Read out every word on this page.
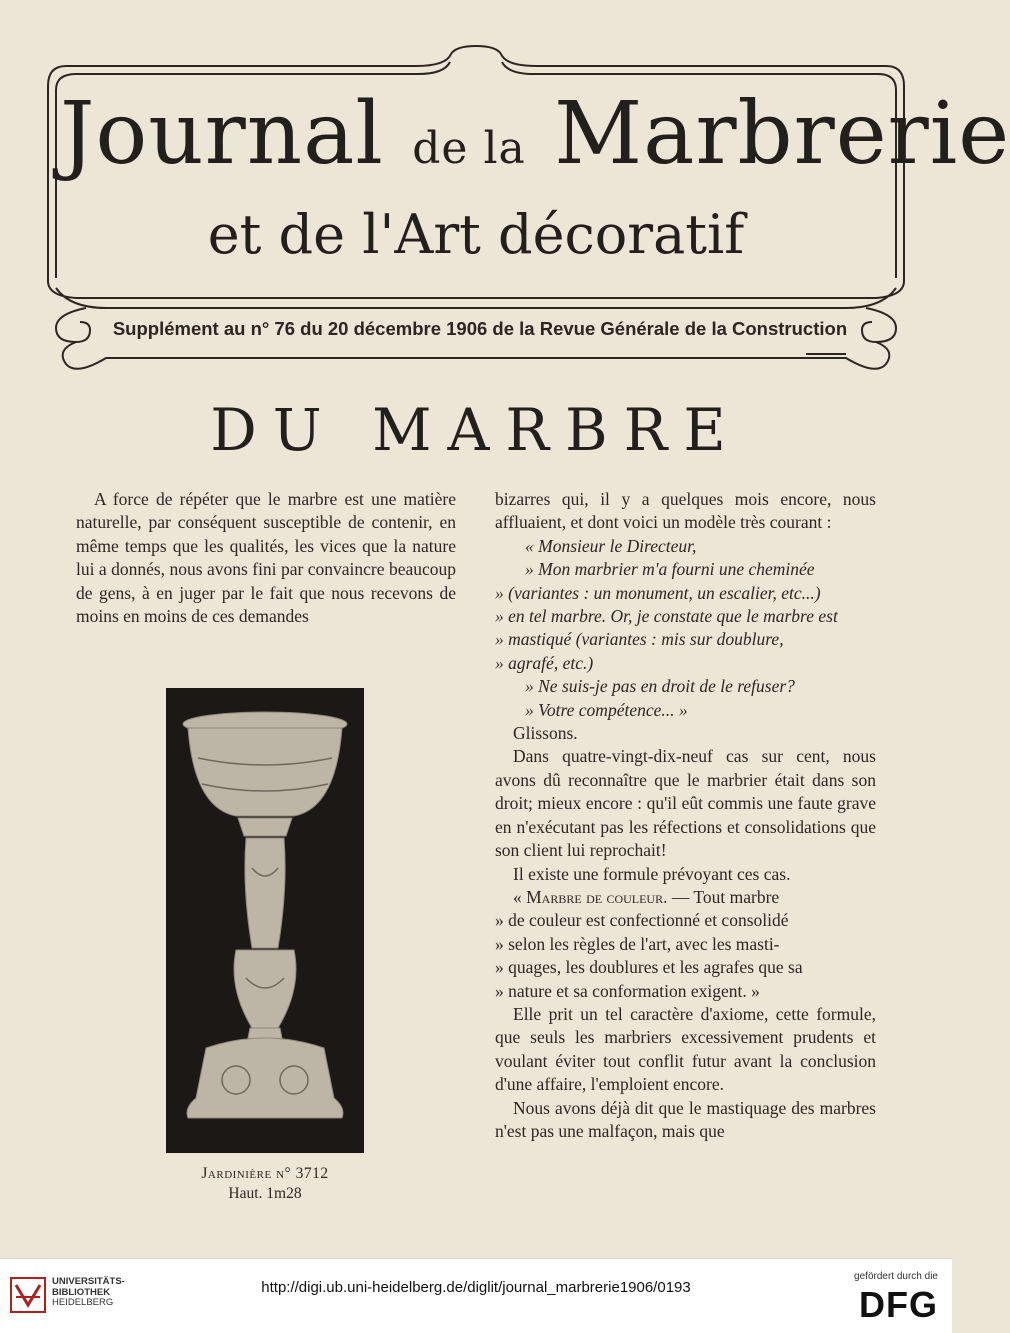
Journal de la Marbrerie
et de l'Art décoratif
Supplément au n° 76 du 20 décembre 1906 de la Revue Générale de la Construction
DU MARBRE

A force de répéter que le marbre est une matière naturelle, par conséquent susceptible de contenir, en même temps que les qualités, les vices que la nature lui a donnés, nous avons fini par convaincre beaucoup de gens, à en juger par le fait que nous recevons de moins en moins de ces demandes

Jardinière n° 3712
Haut. 1m28

bizarres qui, il y a quelques mois encore, nous affluaient, et dont voici un modèle très courant :

« Monsieur le Directeur,

» Mon marbrier m'a fourni une cheminée

» (variantes : un monument, un escalier, etc...)

» en tel marbre. Or, je constate que le marbre est

» mastiqué (variantes : mis sur doublure,

» agrafé, etc.)

» Ne suis-je pas en droit de le refuser?

» Votre compétence... »

Glissons.

Dans quatre-vingt-dix-neuf cas sur cent, nous avons dû reconnaître que le marbrier était dans son droit; mieux encore : qu'il eût commis une faute grave en n'exécutant pas les réfections et consolidations que son client lui reprochait!

Il existe une formule prévoyant ces cas.

« Marbre de couleur. — Tout marbre

» de couleur est confectionné et consolidé

» selon les règles de l'art, avec les masti-

» quages, les doublures et les agrafes que sa

» nature et sa conformation exigent. »

Elle prit un tel caractère d'axiome, cette formule, que seuls les marbriers excessivement prudents et voulant éviter tout conflit futur avant la conclusion d'une affaire, l'emploient encore.

Nous avons déjà dit que le mastiquage des marbres n'est pas une malfaçon, mais que

UNIVERSITÄTS-
BIBLIOTHEK
HEIDELBERG
http://digi.ub.uni-heidelberg.de/diglit/journal_marbrerie1906/0193
gefördert durch die
DFG
